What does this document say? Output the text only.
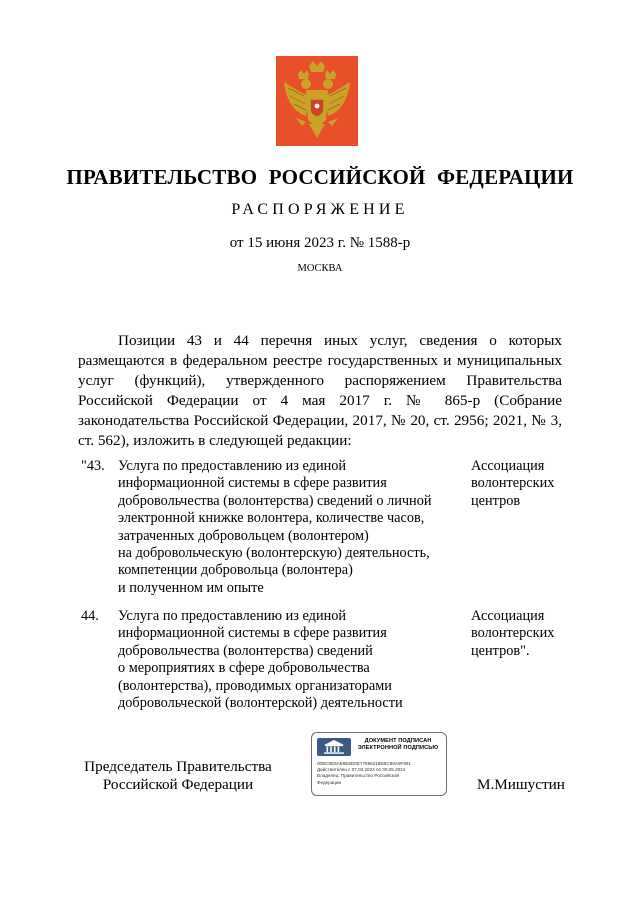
ПРАВИТЕЛЬСТВО РОССИЙСКОЙ ФЕДЕРАЦИИ
РАСПОРЯЖЕНИЕ
от 15 июня 2023 г. № 1588-р
МОСКВА
Позиции 43 и 44 перечня иных услуг, сведения о которых
размещаются в федеральном реестре государственных и муниципальных
услуг (функций), утвержденного распоряжением Правительства
Российской Федерации от 4 мая 2017 г. № 865-р (Собрание
законодательства Российской Федерации, 2017, № 20, ст. 2956; 2021, № 3,
ст. 562), изложить в следующей редакции:
"43. Услуга по предоставлению из единой
информационной системы в сфере развития
добровольчества (волонтерства) сведений о личной
электронной книжке волонтера, количестве часов,
затраченных добровольцем (волонтером)
на добровольческую (волонтерскую) деятельность,
компетенции добровольца (волонтера)
и полученном им опыте
Ассоциация
волонтерских
центров
44. Услуга по предоставлению из единой
информационной системы в сфере развития
добровольчества (волонтерства) сведений
о мероприятиях в сфере добровольчества
(волонтерства), проводимых организаторами
добровольческой (волонтерской) деятельности
Ассоциация
волонтерских
центров".
Председатель Правительства
Российской Федерации
ДОКУМЕНТ ПОДПИСАН
ЭЛЕКТРОННОЙ ПОДПИСЬЮ
00BC0E5AE8E8D0E77595218EBC80A9F891
Действителен с 07.03.2023 по 30.05.2024
Владелец: Правительство Российской
Федерации	М.Мишустин
